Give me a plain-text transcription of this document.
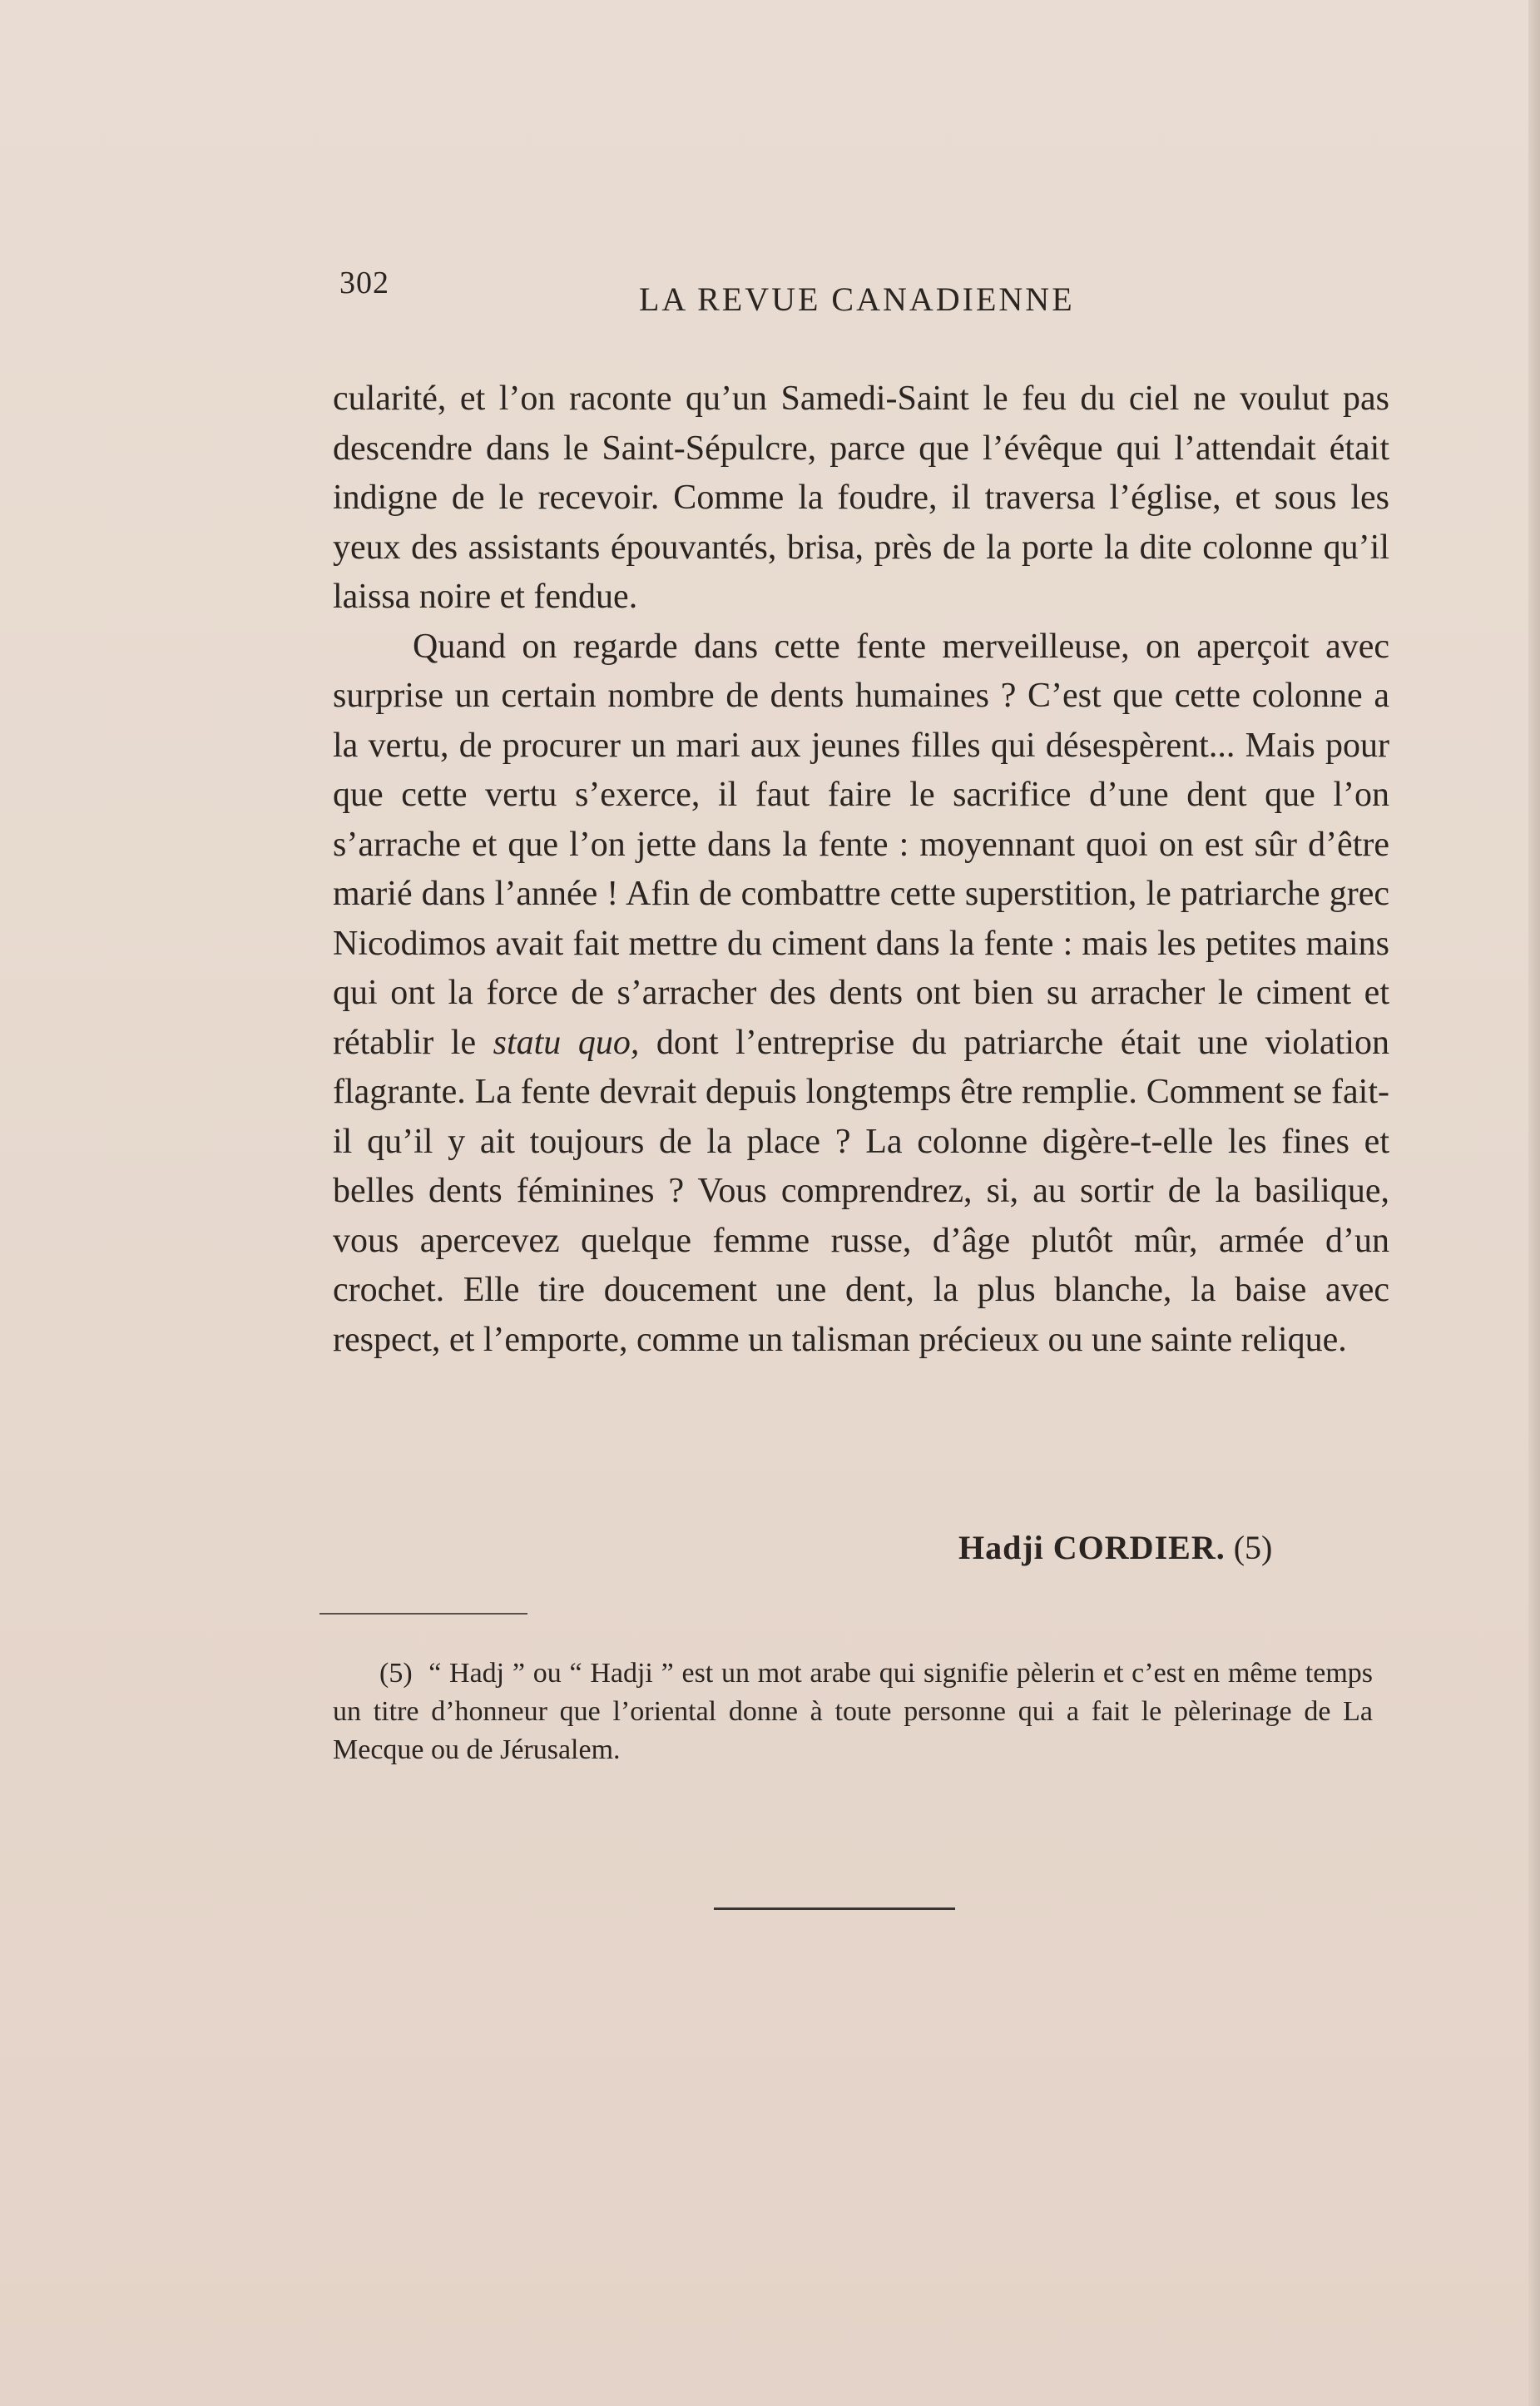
302	LA REVUE CANADIENNE

cularité, et l’on raconte qu’un Samedi-Saint le feu du ciel ne voulut pas descendre dans le Saint-Sépulcre, parce que l’évêque qui l’attendait était indigne de le recevoir. Comme la foudre, il traversa l’église, et sous les yeux des assistants épouvantés, brisa, près de la porte la dite colonne qu’il laissa noire et fendue.

Quand on regarde dans cette fente merveilleuse, on aperçoit avec surprise un certain nombre de dents humaines ? C’est que cette colonne a la vertu, de procurer un mari aux jeunes filles qui désespèrent... Mais pour que cette vertu s’exerce, il faut faire le sacrifice d’une dent que l’on s’arrache et que l’on jette dans la fente : moyennant quoi on est sûr d’être marié dans l’année ! Afin de combattre cette superstition, le patriarche grec Nicodimos avait fait mettre du ciment dans la fente : mais les petites mains qui ont la force de s’arracher des dents ont bien su arracher le ciment et rétablir le statu quo, dont l’entreprise du patriarche était une violation flagrante. La fente devrait depuis longtemps être remplie. Comment se fait-il qu’il y ait toujours de la place ? La colonne digère-t-elle les fines et belles dents féminines ? Vous comprendrez, si, au sortir de la basilique, vous apercevez quelque femme russe, d’âge plutôt mûr, armée d’un crochet. Elle tire doucement une dent, la plus blanche, la baise avec respect, et l’emporte, comme un talisman précieux ou une sainte relique.

Hadji CORDIER. (5)

(5) “ Hadj ” ou “ Hadji ” est un mot arabe qui signifie pèlerin et c’est en même temps un titre d’honneur que l’oriental donne à toute personne qui a fait le pèlerinage de La Mecque ou de Jérusalem.
